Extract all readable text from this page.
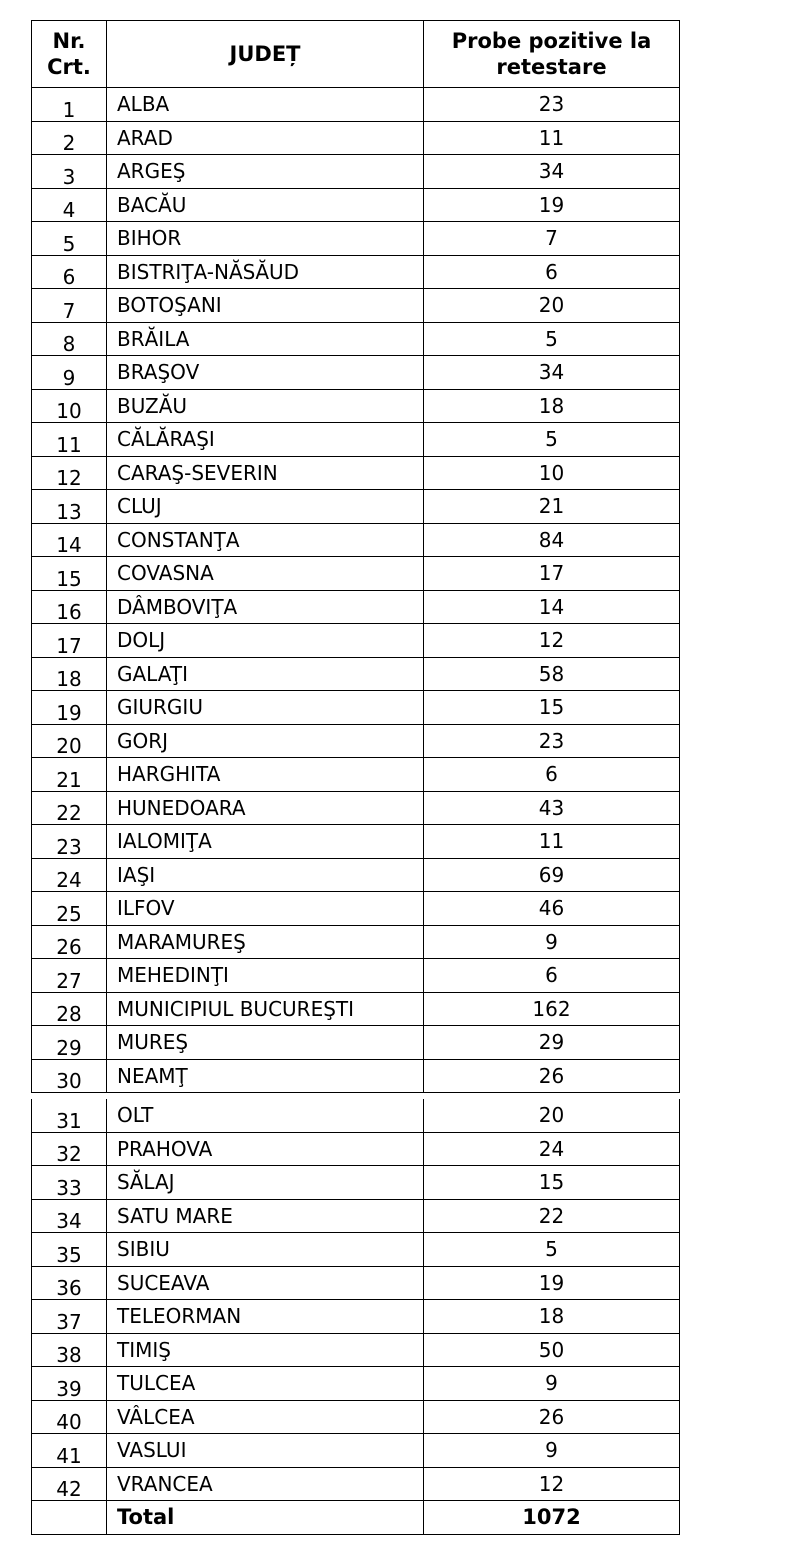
Nr. Crt.	JUDEȚ	Probe pozitive la retestare
1	ALBA	23
2	ARAD	11
3	ARGEŞ	34
4	BACĂU	19
5	BIHOR	7
6	BISTRIŢA-NĂSĂUD	6
7	BOTOŞANI	20
8	BRĂILA	5
9	BRAŞOV	34
10	BUZĂU	18
11	CĂLĂRAŞI	5
12	CARAŞ-SEVERIN	10
13	CLUJ	21
14	CONSTANŢA	84
15	COVASNA	17
16	DÂMBOVIŢA	14
17	DOLJ	12
18	GALAŢI	58
19	GIURGIU	15
20	GORJ	23
21	HARGHITA	6
22	HUNEDOARA	43
23	IALOMIŢA	11
24	IAŞI	69
25	ILFOV	46
26	MARAMUREŞ	9
27	MEHEDINŢI	6
28	MUNICIPIUL BUCUREŞTI	162
29	MUREŞ	29
30	NEAMŢ	26
31	OLT	20
32	PRAHOVA	24
33	SĂLAJ	15
34	SATU MARE	22
35	SIBIU	5
36	SUCEAVA	19
37	TELEORMAN	18
38	TIMIŞ	50
39	TULCEA	9
40	VÂLCEA	26
41	VASLUI	9
42	VRANCEA	12
	Total	1072
